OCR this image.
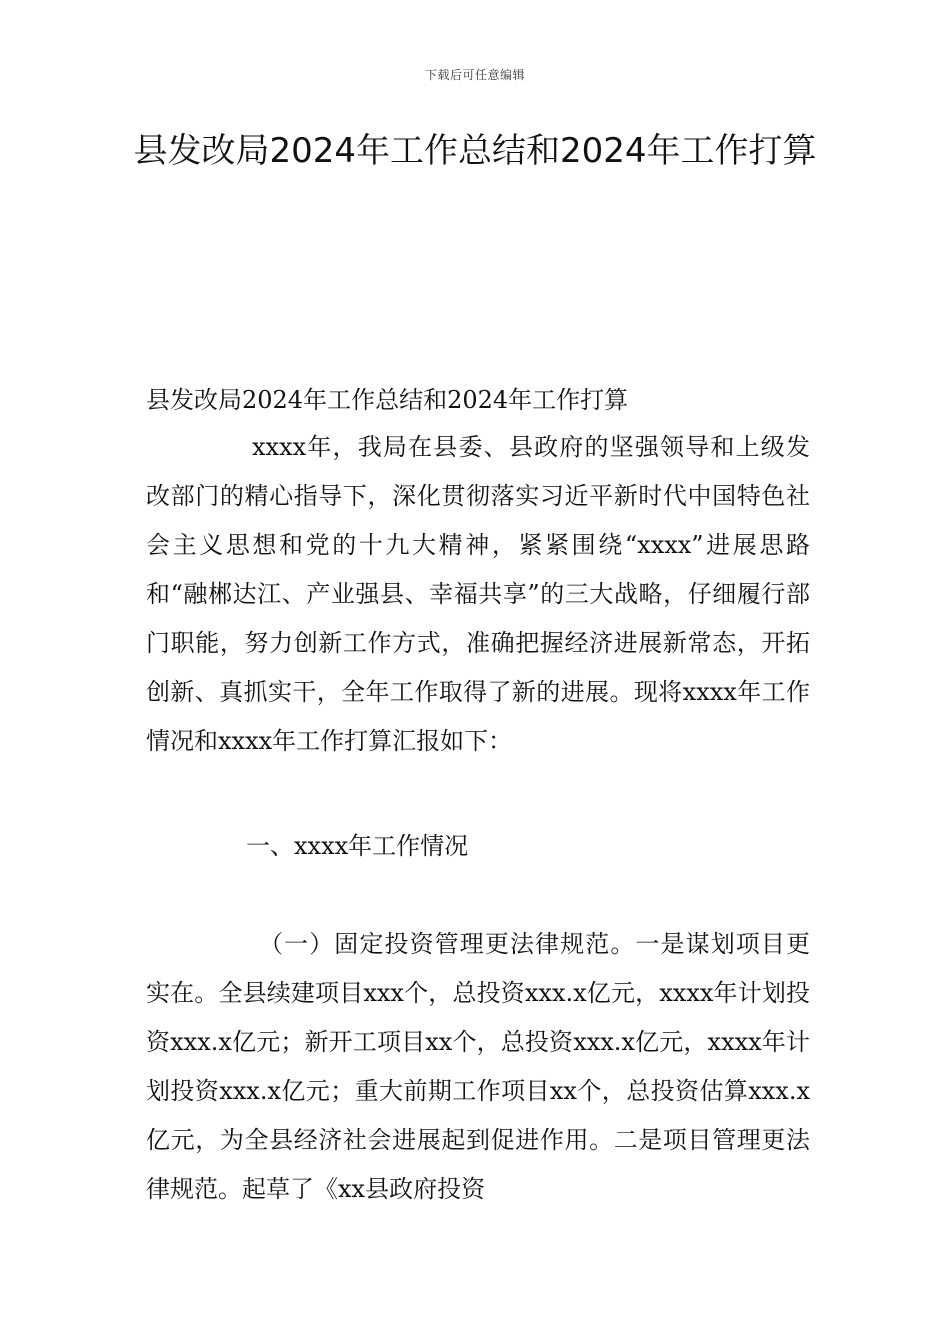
下载后可任意编辑
县发改局2024年工作总结和2024年工作打算

县发改局2024年工作总结和2024年工作打算

xxxx年，我局在县委、县政府的坚强领导和上级发改部门的精心指导下，深化贯彻落实习近平新时代中国特色社会主义思想和党的十九大精神，紧紧围绕“xxxx”进展思路和“融郴达江、产业强县、幸福共享”的三大战略，仔细履行部门职能，努力创新工作方式，准确把握经济进展新常态，开拓创新、真抓实干，全年工作取得了新的进展。现将xxxx年工作情况和xxxx年工作打算汇报如下：

一、xxxx年工作情况

（一）固定投资管理更法律规范。一是谋划项目更实在。全县续建项目xxx个，总投资xxx.x亿元，xxxx年计划投资xxx.x亿元；新开工项目xx个，总投资xxx.x亿元，xxxx年计划投资xxx.x亿元；重大前期工作项目xx个，总投资估算xxx.x亿元，为全县经济社会进展起到促进作用。二是项目管理更法律规范。起草了《xx县政府投资
